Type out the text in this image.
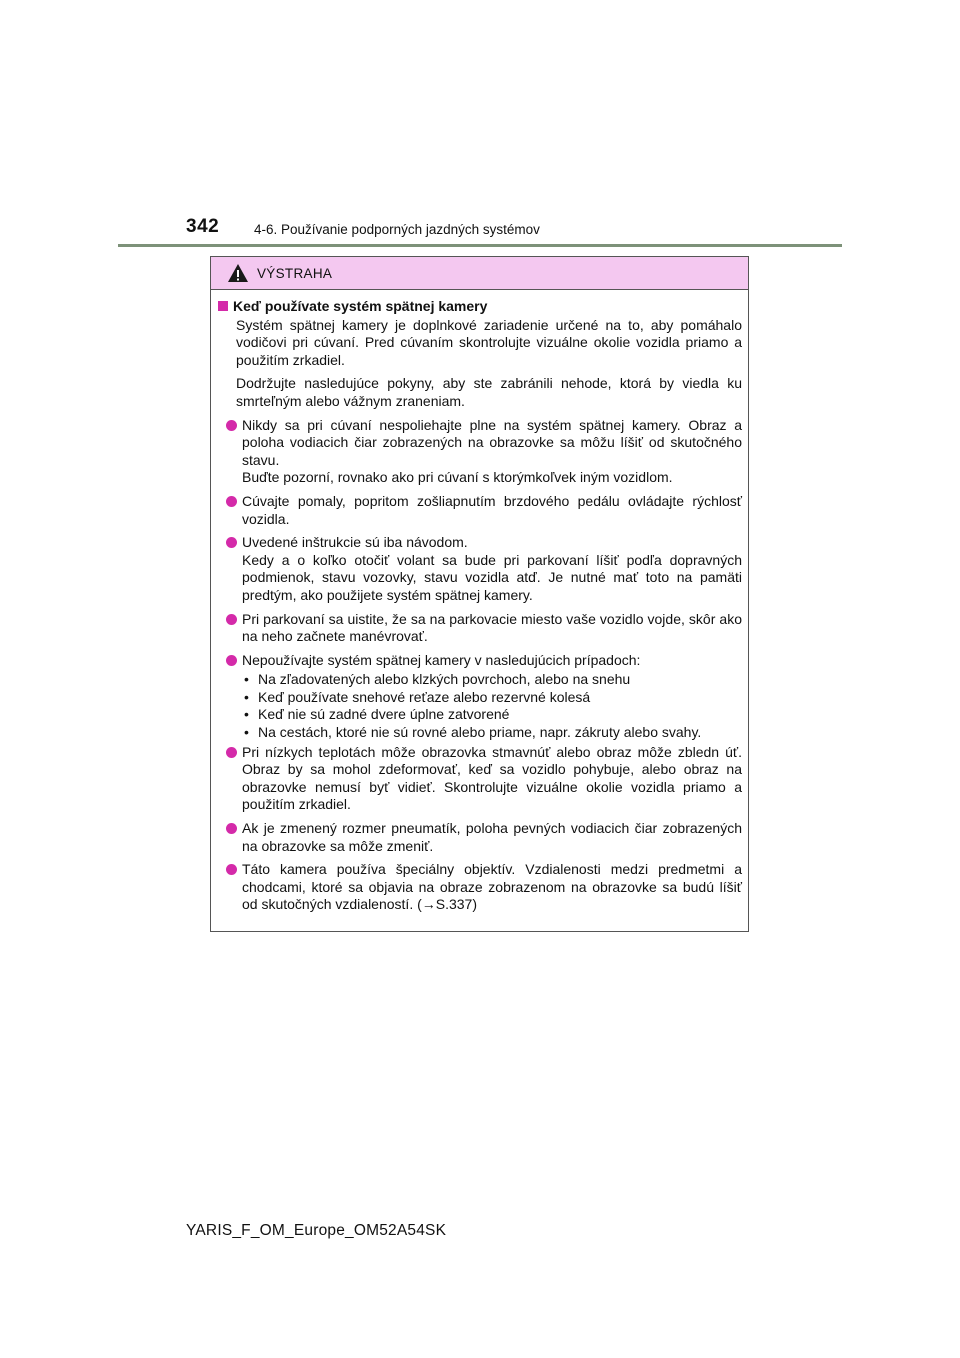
342	4-6. Používanie podporných jazdných systémov
VÝSTRAHA
Keď používate systém spätnej kamery
Systém spätnej kamery je doplnkové zariadenie určené na to, aby pomáhalo vodičovi pri cúvaní. Pred cúvaním skontrolujte vizuálne okolie vozidla priamo a použitím zrkadiel.
Dodržujte nasledujúce pokyny, aby ste zabránili nehode, ktorá by viedla ku smrteľným alebo vážnym zraneniam.
Nikdy sa pri cúvaní nespoliehajte plne na systém spätnej kamery. Obraz a poloha vodiacich čiar zobrazených na obrazovke sa môžu líšiť od skutočného stavu.
Buďte pozorní, rovnako ako pri cúvaní s ktorýmkoľvek iným vozidlom.
Cúvajte pomaly, popritom zošliapnutím brzdového pedálu ovládajte rýchlosť vozidla.
Uvedené inštrukcie sú iba návodom.
Kedy a o koľko otočiť volant sa bude pri parkovaní líšiť podľa dopravných podmienok, stavu vozovky, stavu vozidla atď. Je nutné mať toto na pamäti predtým, ako použijete systém spätnej kamery.
Pri parkovaní sa uistite, že sa na parkovacie miesto vaše vozidlo vojde, skôr ako na neho začnete manévrovať.
Nepoužívajte systém spätnej kamery v nasledujúcich prípadoch:
• Na zľadovatených alebo klzkých povrchoch, alebo na snehu
• Keď používate snehové reťaze alebo rezervné kolesá
• Keď nie sú zadné dvere úplne zatvorené
• Na cestách, ktoré nie sú rovné alebo priame, napr. zákruty alebo svahy.
Pri nízkych teplotách môže obrazovka stmavnúť alebo obraz môže zbledn úť. Obraz by sa mohol zdeformovať, keď sa vozidlo pohybuje, alebo obraz na obrazovke nemusí byť vidieť. Skontrolujte vizuálne okolie vozidla priamo a použitím zrkadiel.
Ak je zmenený rozmer pneumatík, poloha pevných vodiacich čiar zobrazených na obrazovke sa môže zmeniť.
Táto kamera používa špeciálny objektív. Vzdialenosti medzi predmetmi a chodcami, ktoré sa objavia na obraze zobrazenom na obrazovke sa budú líšiť od skutočných vzdialeností. (→S.337)
YARIS_F_OM_Europe_OM52A54SK
